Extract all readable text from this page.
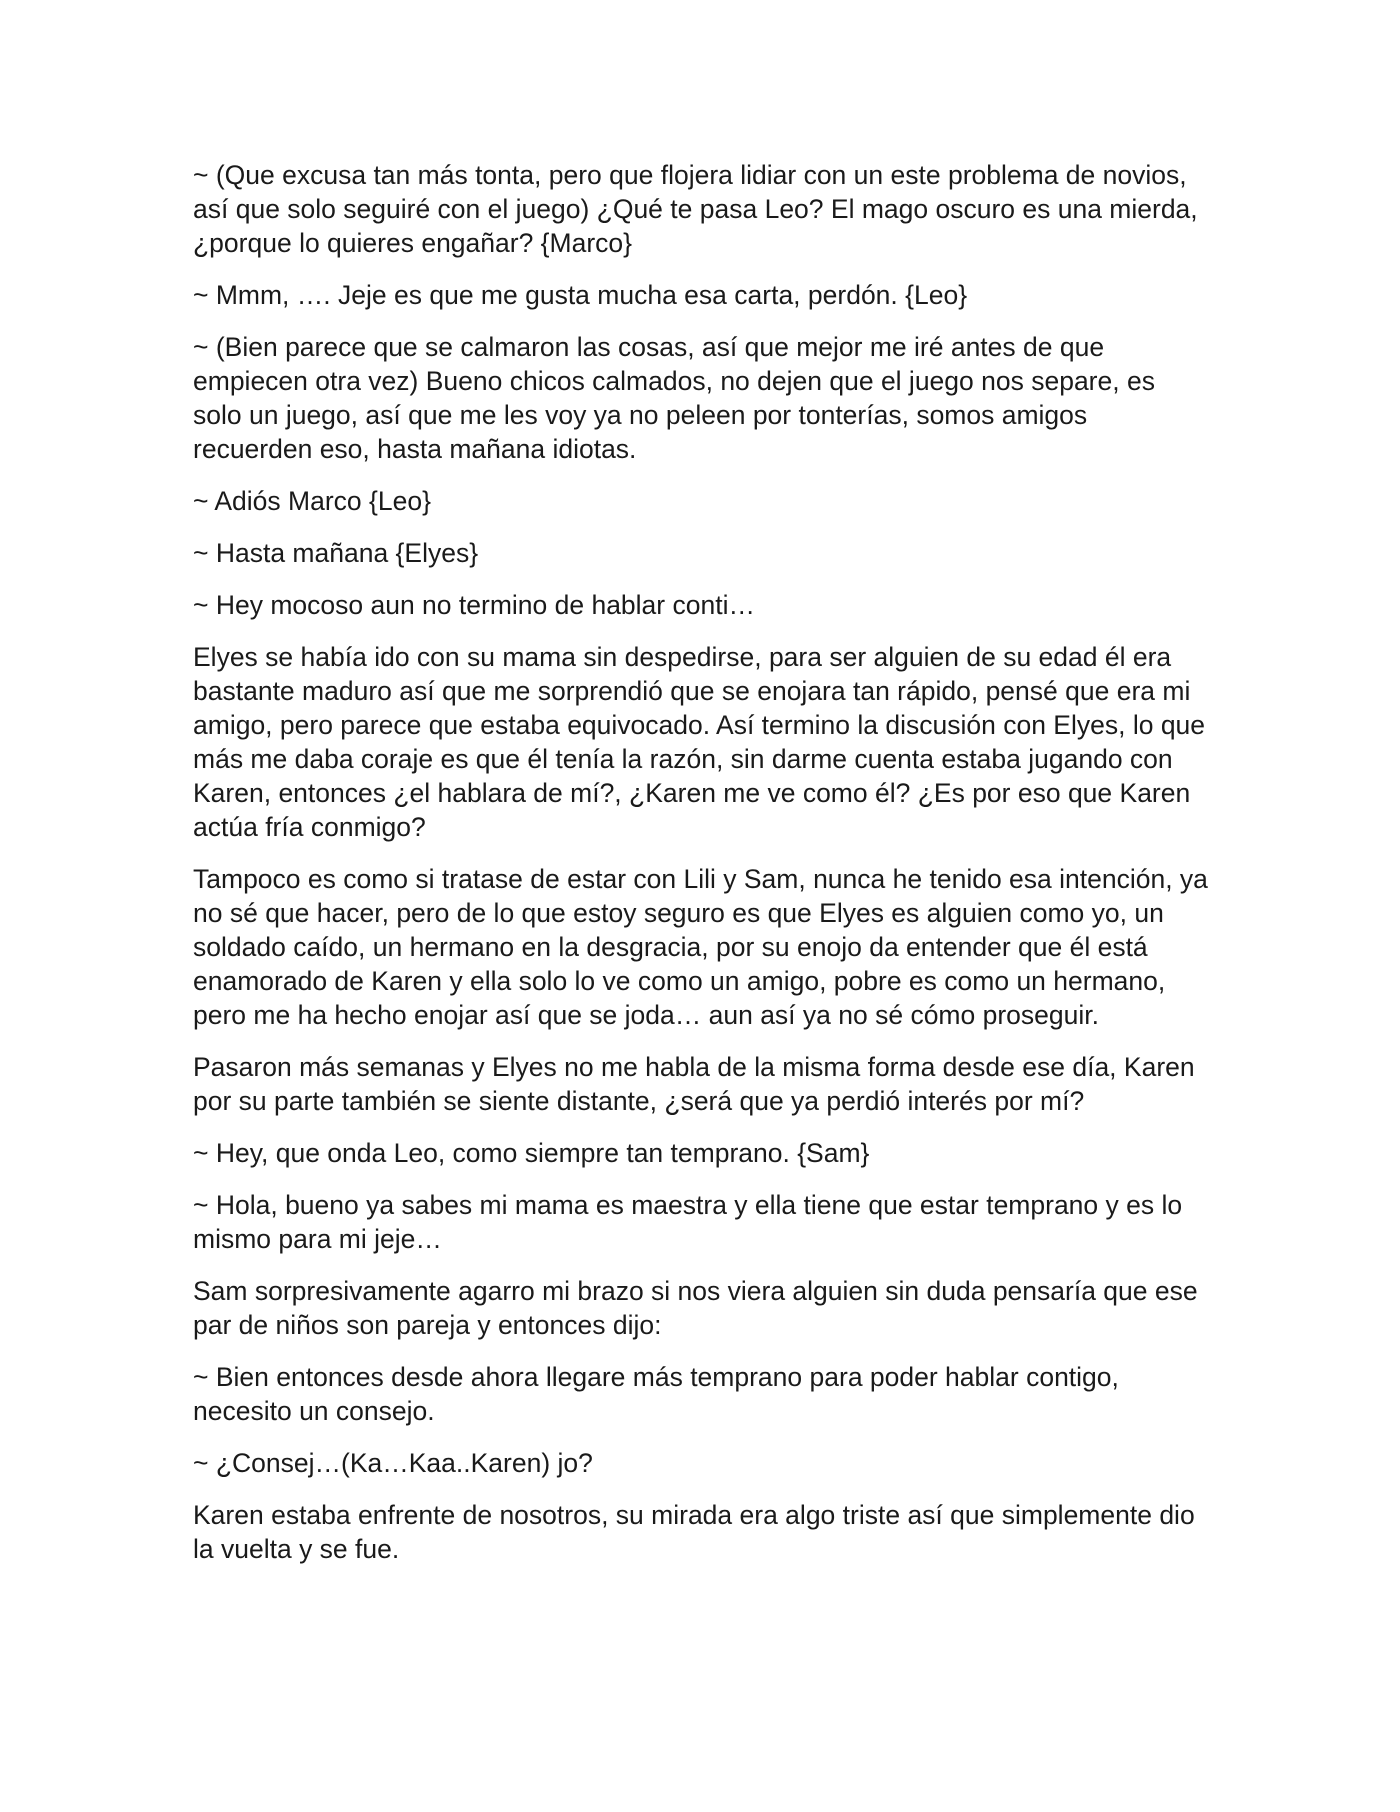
~ (Que excusa tan más tonta, pero que flojera lidiar con un este problema de novios, así que solo seguiré con el juego) ¿Qué te pasa Leo? El mago oscuro es una mierda, ¿porque lo quieres engañar? {Marco}

~ Mmm, …. Jeje es que me gusta mucha esa carta, perdón. {Leo}

~ (Bien parece que se calmaron las cosas, así que mejor me iré antes de que empiecen otra vez) Bueno chicos calmados, no dejen que el juego nos separe, es solo un juego, así que me les voy ya no peleen por tonterías, somos amigos recuerden eso, hasta mañana idiotas.

~ Adiós Marco {Leo}

~ Hasta mañana {Elyes}

~ Hey mocoso aun no termino de hablar conti…

Elyes se había ido con su mama sin despedirse, para ser alguien de su edad él era bastante maduro así que me sorprendió que se enojara tan rápido, pensé que era mi amigo, pero parece que estaba equivocado. Así termino la discusión con Elyes, lo que más me daba coraje es que él tenía la razón, sin darme cuenta estaba jugando con Karen, entonces ¿el hablara de mí?, ¿Karen me ve como él? ¿Es por eso que Karen actúa fría conmigo?

Tampoco es como si tratase de estar con Lili y Sam, nunca he tenido esa intención, ya no sé que hacer, pero de lo que estoy seguro es que Elyes es alguien como yo, un soldado caído, un hermano en la desgracia, por su enojo da entender que él está enamorado de Karen y ella solo lo ve como un amigo, pobre es como un hermano, pero me ha hecho enojar así que se joda… aun así ya no sé cómo proseguir.

Pasaron más semanas y Elyes no me habla de la misma forma desde ese día, Karen por su parte también se siente distante, ¿será que ya perdió interés por mí?

~ Hey, que onda Leo, como siempre tan temprano. {Sam}

~ Hola, bueno ya sabes mi mama es maestra y ella tiene que estar temprano y es lo mismo para mi jeje…

Sam sorpresivamente agarro mi brazo si nos viera alguien sin duda pensaría que ese par de niños son pareja y entonces dijo:

~ Bien entonces desde ahora llegare más temprano para poder hablar contigo, necesito un consejo.

~ ¿Consej…(Ka…Kaa..Karen) jo?

Karen estaba enfrente de nosotros, su mirada era algo triste así que simplemente dio la vuelta y se fue.
